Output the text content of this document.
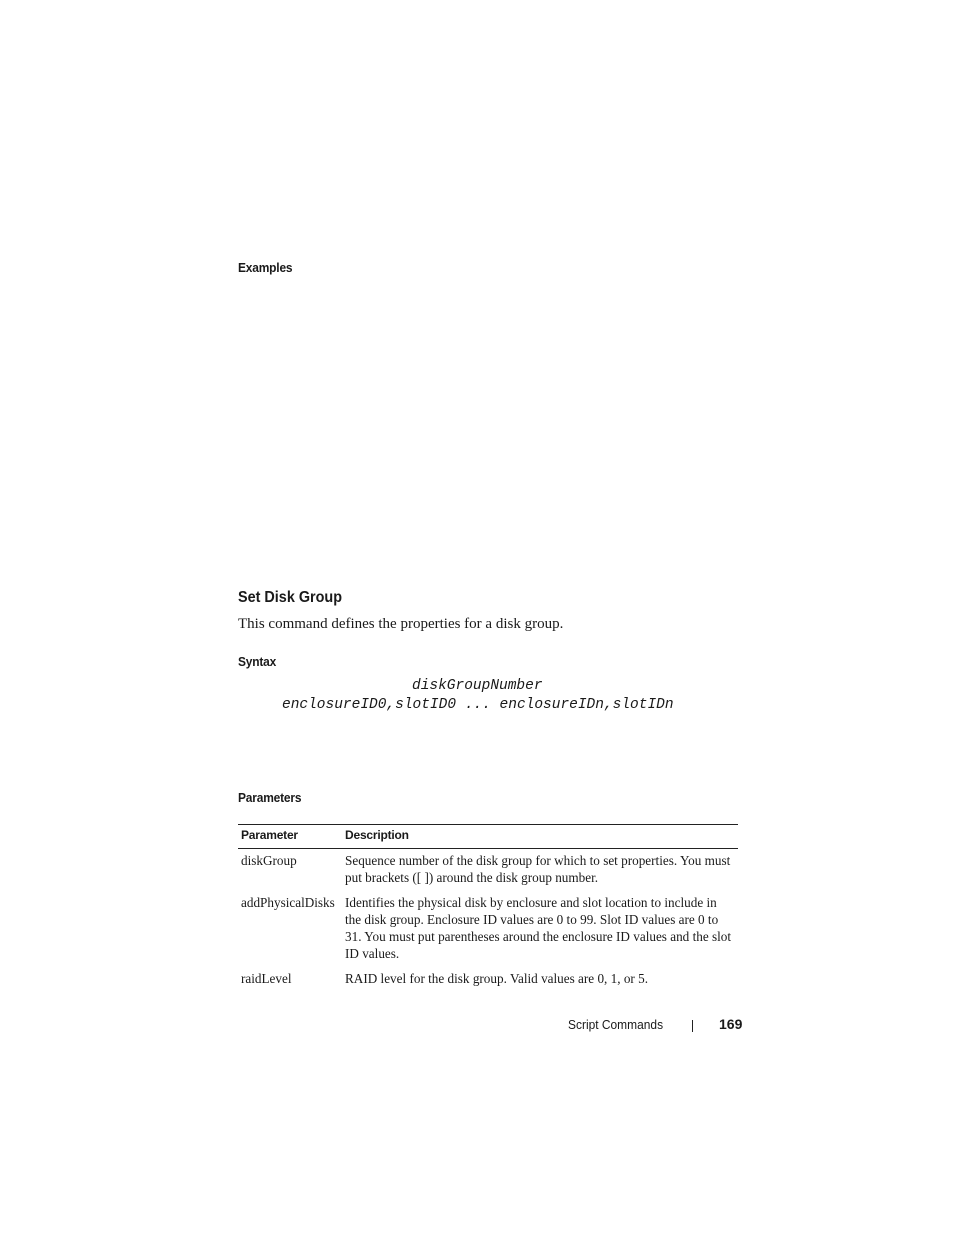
Examples
Set Disk Group
This command defines the properties for a disk group.
Syntax
diskGroupNumber
enclosureID0,slotID0 ... enclosureIDn,slotIDn
Parameters
Parameter	Description
diskGroup	Sequence number of the disk group for which to set properties. You must put brackets ([ ]) around the disk group number.
addPhysicalDisks Identifies the physical disk by enclosure and slot location to include in the disk group. Enclosure ID values are 0 to 99. Slot ID values are 0 to 31. You must put parentheses around the enclosure ID values and the slot ID values.
raidLevel	RAID level for the disk group. Valid values are 0, 1, or 5.
Script Commands	169
